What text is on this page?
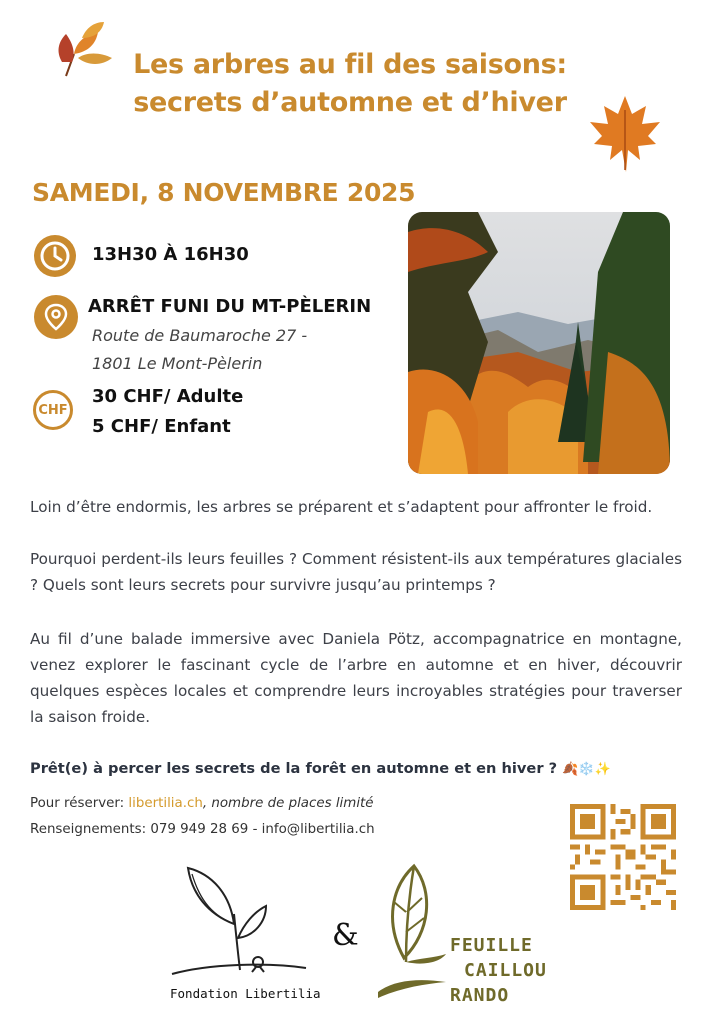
Les arbres au fil des saisons:
secrets d’automne et d’hiver
SAMEDI, 8 NOVEMBRE 2025
13H30 À 16H30
ARRÊT FUNI DU MT-PÈLERIN
Route de Baumaroche 27 -
1801 Le Mont-Pèlerin
CHF
30 CHF/ Adulte
5 CHF/ Enfant
Loin d’être endormis, les arbres se préparent et s’adaptent pour affronter le froid.
Pourquoi perdent-ils leurs feuilles ? Comment résistent-ils aux températures glaciales ? Quels sont leurs secrets pour survivre jusqu’au printemps ?
Au fil d’une balade immersive avec Daniela Pötz, accompagnatrice en montagne, venez explorer le fascinant cycle de l’arbre en automne et en hiver, découvrir quelques espèces locales et comprendre leurs incroyables stratégies pour traverser la saison froide.
Prêt(e) à percer les secrets de la forêt en automne et en hiver ? 🍂❄️✨
Pour réserver: libertilia.ch, nombre de places limité
Renseignements: 079 949 28 69 - info@libertilia.ch
Fondation Libertilia
&	FEUILLE
CAILLOU
RANDO
